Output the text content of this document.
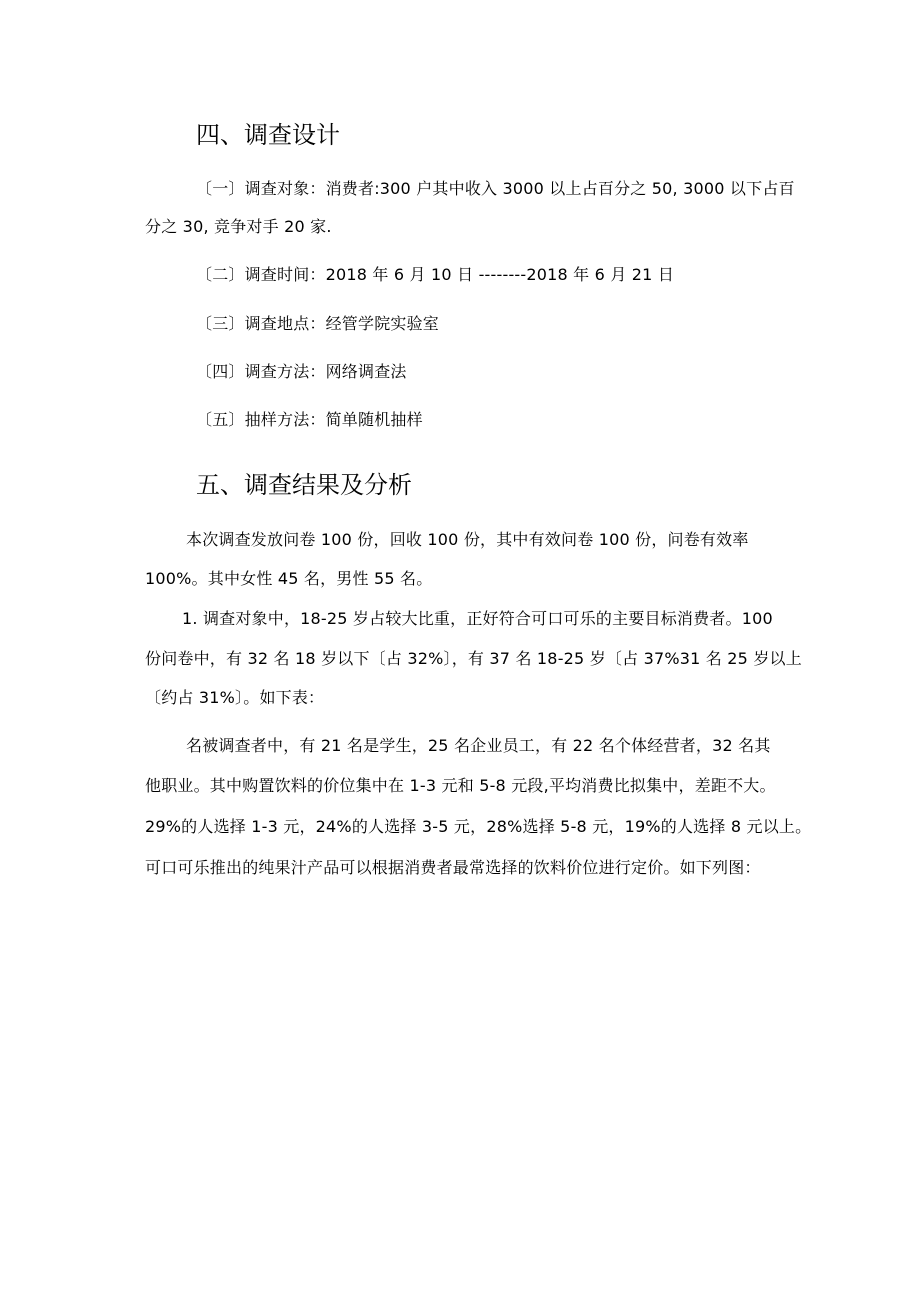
四、调查设计
〔一〕调查对象：消费者:300 户其中收入 3000 以上占百分之 50, 3000 以下占百
分之 30, 竞争对手 20 家.
〔二〕调查时间：2018 年 6 月 10 日 --------2018 年 6 月 21 日
〔三〕调查地点：经管学院实验室
〔四〕调查方法：网络调查法
〔五〕抽样方法：简单随机抽样
五、调查结果及分析
本次调查发放问卷 100 份，回收 100 份，其中有效问卷 100 份，问卷有效率
100%。其中女性 45 名，男性 55 名。
1. 调查对象中，18-25 岁占较大比重，正好符合可口可乐的主要目标消费者。100
份问卷中，有 32 名 18 岁以下〔占 32%〕，有 37 名 18-25 岁〔占 37%31 名 25 岁以上
〔约占 31%〕。如下表：
名被调查者中，有 21 名是学生，25 名企业员工，有 22 名个体经营者，32 名其
他职业。其中购置饮料的价位集中在 1-3 元和 5-8 元段,平均消费比拟集中，差距不大。
29%的人选择 1-3 元，24%的人选择 3-5 元，28%选择 5-8 元，19%的人选择 8 元以上。
可口可乐推出的纯果汁产品可以根据消费者最常选择的饮料价位进行定价。如下列图：
